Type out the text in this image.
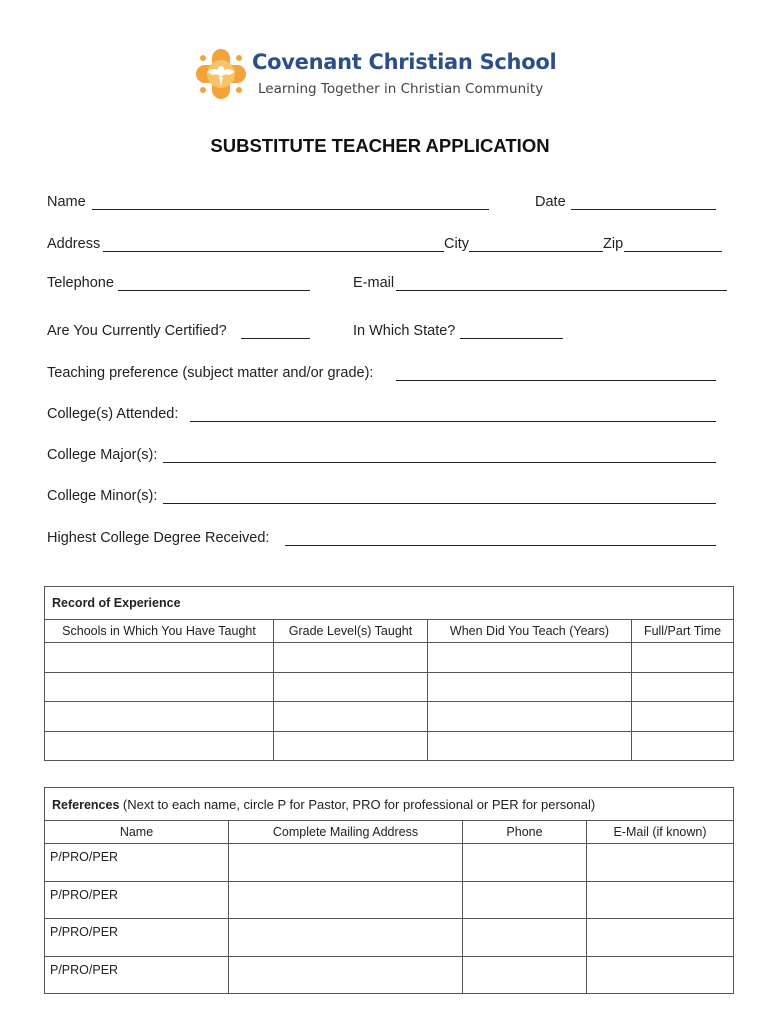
Covenant Christian School
Learning Together in Christian Community
SUBSTITUTE TEACHER APPLICATION
Name	Date
Address	City	Zip
Telephone	E-mail
Are You Currently Certified?	In Which State?
Teaching preference (subject matter and/or grade):
College(s) Attended:
College Major(s):
College Minor(s):
Highest College Degree Received:
Record of Experience			
Schools in Which You Have Taught	Grade Level(s) Taught	When Did You Teach (Years)	Full/Part Time

References (Next to each name, circle P for Pastor, PRO for professional or PER for personal)			
Name	Complete Mailing Address	Phone	E-Mail (if known)
P/PRO/PER			
P/PRO/PER			
P/PRO/PER			
P/PRO/PER			
